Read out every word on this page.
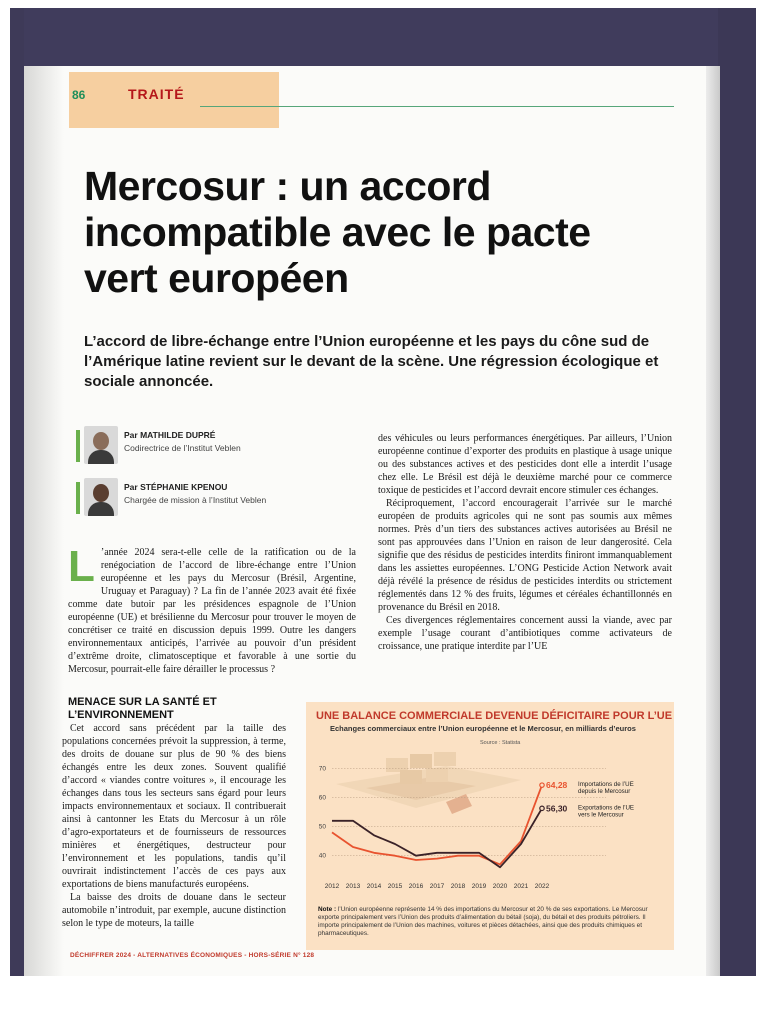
86	TRAITÉ
Mercosur : un accord incompatible avec le pacte vert européen

L’accord de libre-échange entre l’Union européenne et les pays du cône sud de l’Amérique latine revient sur le devant de la scène. Une régression écologique et sociale annoncée.

Par MATHILDE DUPRÉ
Codirectrice de l’Institut Veblen
Par STÉPHANIE KPENOU
Chargée de mission à l’Institut Veblen

L ’année 2024 sera-t-elle celle de la ratification ou de la renégociation de l’accord de libre-échange entre l’Union européenne et les pays du Mercosur (Brésil, Argentine, Uruguay et Paraguay) ? La fin de l’année 2023 avait été fixée comme date butoir par les présidences espagnole de l’Union européenne (UE) et brésilienne du Mercosur pour trouver le moyen de concrétiser ce traité en discussion depuis 1999. Outre les dangers environnementaux anticipés, l’arrivée au pouvoir d’un président d’extrême droite, climatosceptique et favorable à une sortie du Mercosur, pourrait-elle faire dérailler le processus ?

MENACE SUR LA SANTÉ ET L’ENVIRONNEMENT

Cet accord sans précédent par la taille des populations concernées prévoit la suppression, à terme, des droits de douane sur plus de 90 % des biens échangés entre les deux zones. Souvent qualifié d’accord « viandes contre voitures », il encourage les échanges dans tous les secteurs sans égard pour leurs impacts environnementaux et sociaux. Il contribuerait ainsi à cantonner les Etats du Mercosur à un rôle d’agro-exportateurs et de fournisseurs de ressources minières et énergétiques, destructeur pour l’environnement et les populations, tandis qu’il ouvrirait indistinctement l’accès de ces pays aux exportations de biens manufacturés européens.

La baisse des droits de douane dans le secteur automobile n’introduit, par exemple, aucune distinction selon le type de moteurs, la taille

des véhicules ou leurs performances énergétiques. Par ailleurs, l’Union européenne continue d’exporter des produits en plastique à usage unique ou des substances actives et des pesticides dont elle a interdit l’usage chez elle. Le Brésil est déjà le deuxième marché pour ce commerce toxique de pesticides et l’accord devrait encore stimuler ces échanges.

Réciproquement, l’accord encouragerait l’arrivée sur le marché européen de produits agricoles qui ne sont pas soumis aux mêmes normes. Près d’un tiers des substances actives autorisées au Brésil ne sont pas approuvées dans l’Union en raison de leur dangerosité. Cela signifie que des résidus de pesticides interdits finiront immanquablement dans les assiettes européennes. L’ONG Pesticide Action Network avait déjà révélé la présence de résidus de pesticides interdits ou strictement réglementés dans 12 % des fruits, légumes et céréales échantillonnés en provenance du Brésil en 2018.

Ces divergences réglementaires concernent aussi la viande, avec par exemple l’usage courant d’antibiotiques comme activateurs de croissance, une pratique interdite par l’UE

UNE BALANCE COMMERCIALE DEVENUE DÉFICITAIRE POUR L’UE

Echanges commerciaux entre l’Union européenne et le Mercosur, en milliards d’euros

Source : Statista

40
50
60
70
2012 2013 2014 2015 2016 2017 2018 2019 2020 2021 2022
64,28 Importations de l’UE depuis le Mercosur
56,30 Exportations de l’UE vers le Mercosur

Note : l’Union européenne représente 14 % des importations du Mercosur et 20 % de ses exportations. Le Mercosur exporte principalement vers l’Union des produits d’alimentation du bétail (soja), du bétail et des produits pétroliers. Il importe principalement de l’Union des machines, voitures et pièces détachées, ainsi que des produits chimiques et pharmaceutiques.

DÉCHIFFRER 2024 - ALTERNATIVES ÉCONOMIQUES - HORS-SÉRIE N° 128
